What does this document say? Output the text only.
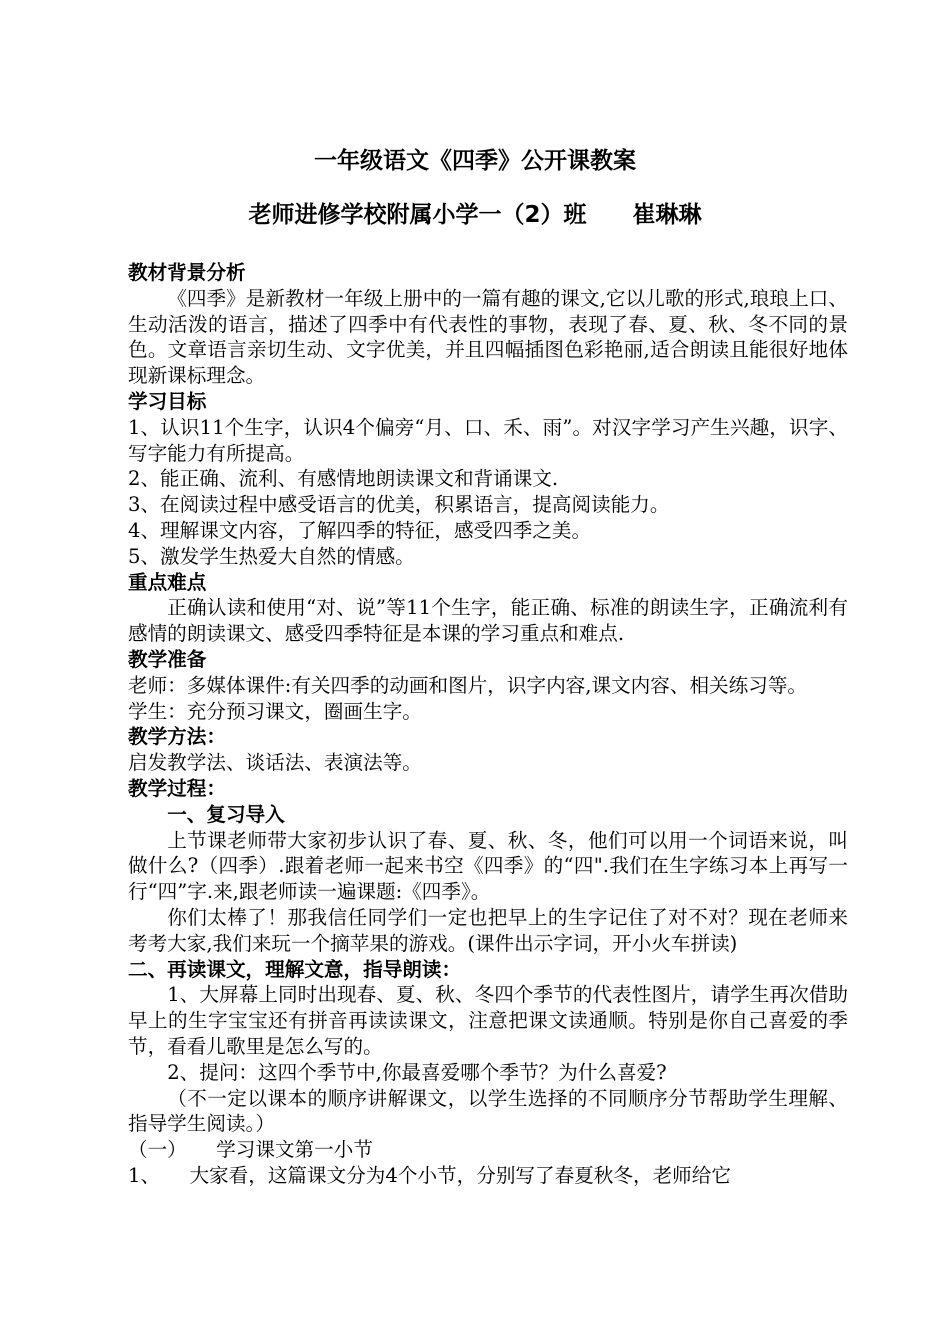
一年级语文《四季》公开课教案
老师进修学校附属小学一（2）班　　崔琳琳

教材背景分析

《四季》是新教材一年级上册中的一篇有趣的课文,它以儿歌的形式,琅琅上口、生动活泼的语言，描述了四季中有代表性的事物，表现了春、夏、秋、冬不同的景色。文章语言亲切生动、文字优美，并且四幅插图色彩艳丽,适合朗读且能很好地体现新课标理念。

学习目标

1、认识11个生字，认识4个偏旁“月、口、禾、雨”。对汉字学习产生兴趣，识字、写字能力有所提高。

2、能正确、流利、有感情地朗读课文和背诵课文.

3、在阅读过程中感受语言的优美，积累语言，提高阅读能力。

4、理解课文内容，了解四季的特征，感受四季之美。

5、激发学生热爱大自然的情感。

重点难点

正确认读和使用“对、说”等11个生字，能正确、标准的朗读生字，正确流利有感情的朗读课文、感受四季特征是本课的学习重点和难点.

教学准备

老师：多媒体课件:有关四季的动画和图片，识字内容,课文内容、相关练习等。

学生：充分预习课文，圈画生字。

教学方法：

启发教学法、谈话法、表演法等。

教学过程：

一、复习导入

上节课老师带大家初步认识了春、夏、秋、冬，他们可以用一个词语来说，叫做什么?（四季）.跟着老师一起来书空《四季》的“四".我们在生字练习本上再写一行“四”字.来,跟老师读一遍课题:《四季》。

你们太棒了！那我信任同学们一定也把早上的生字记住了对不对？现在老师来考考大家,我们来玩一个摘苹果的游戏。(课件出示字词，开小火车拼读)

二、再读课文，理解文意，指导朗读：

1、大屏幕上同时出现春、夏、秋、冬四个季节的代表性图片，请学生再次借助早上的生字宝宝还有拼音再读读课文，注意把课文读通顺。特别是你自己喜爱的季节，看看儿歌里是怎么写的。

2、提问：这四个季节中,你最喜爱哪个季节？为什么喜爱?

（不一定以课本的顺序讲解课文，以学生选择的不同顺序分节帮助学生理解、指导学生阅读。）

（一）　　学习课文第一小节

1、　　大家看，这篇课文分为4个小节，分别写了春夏秋冬，老师给它
